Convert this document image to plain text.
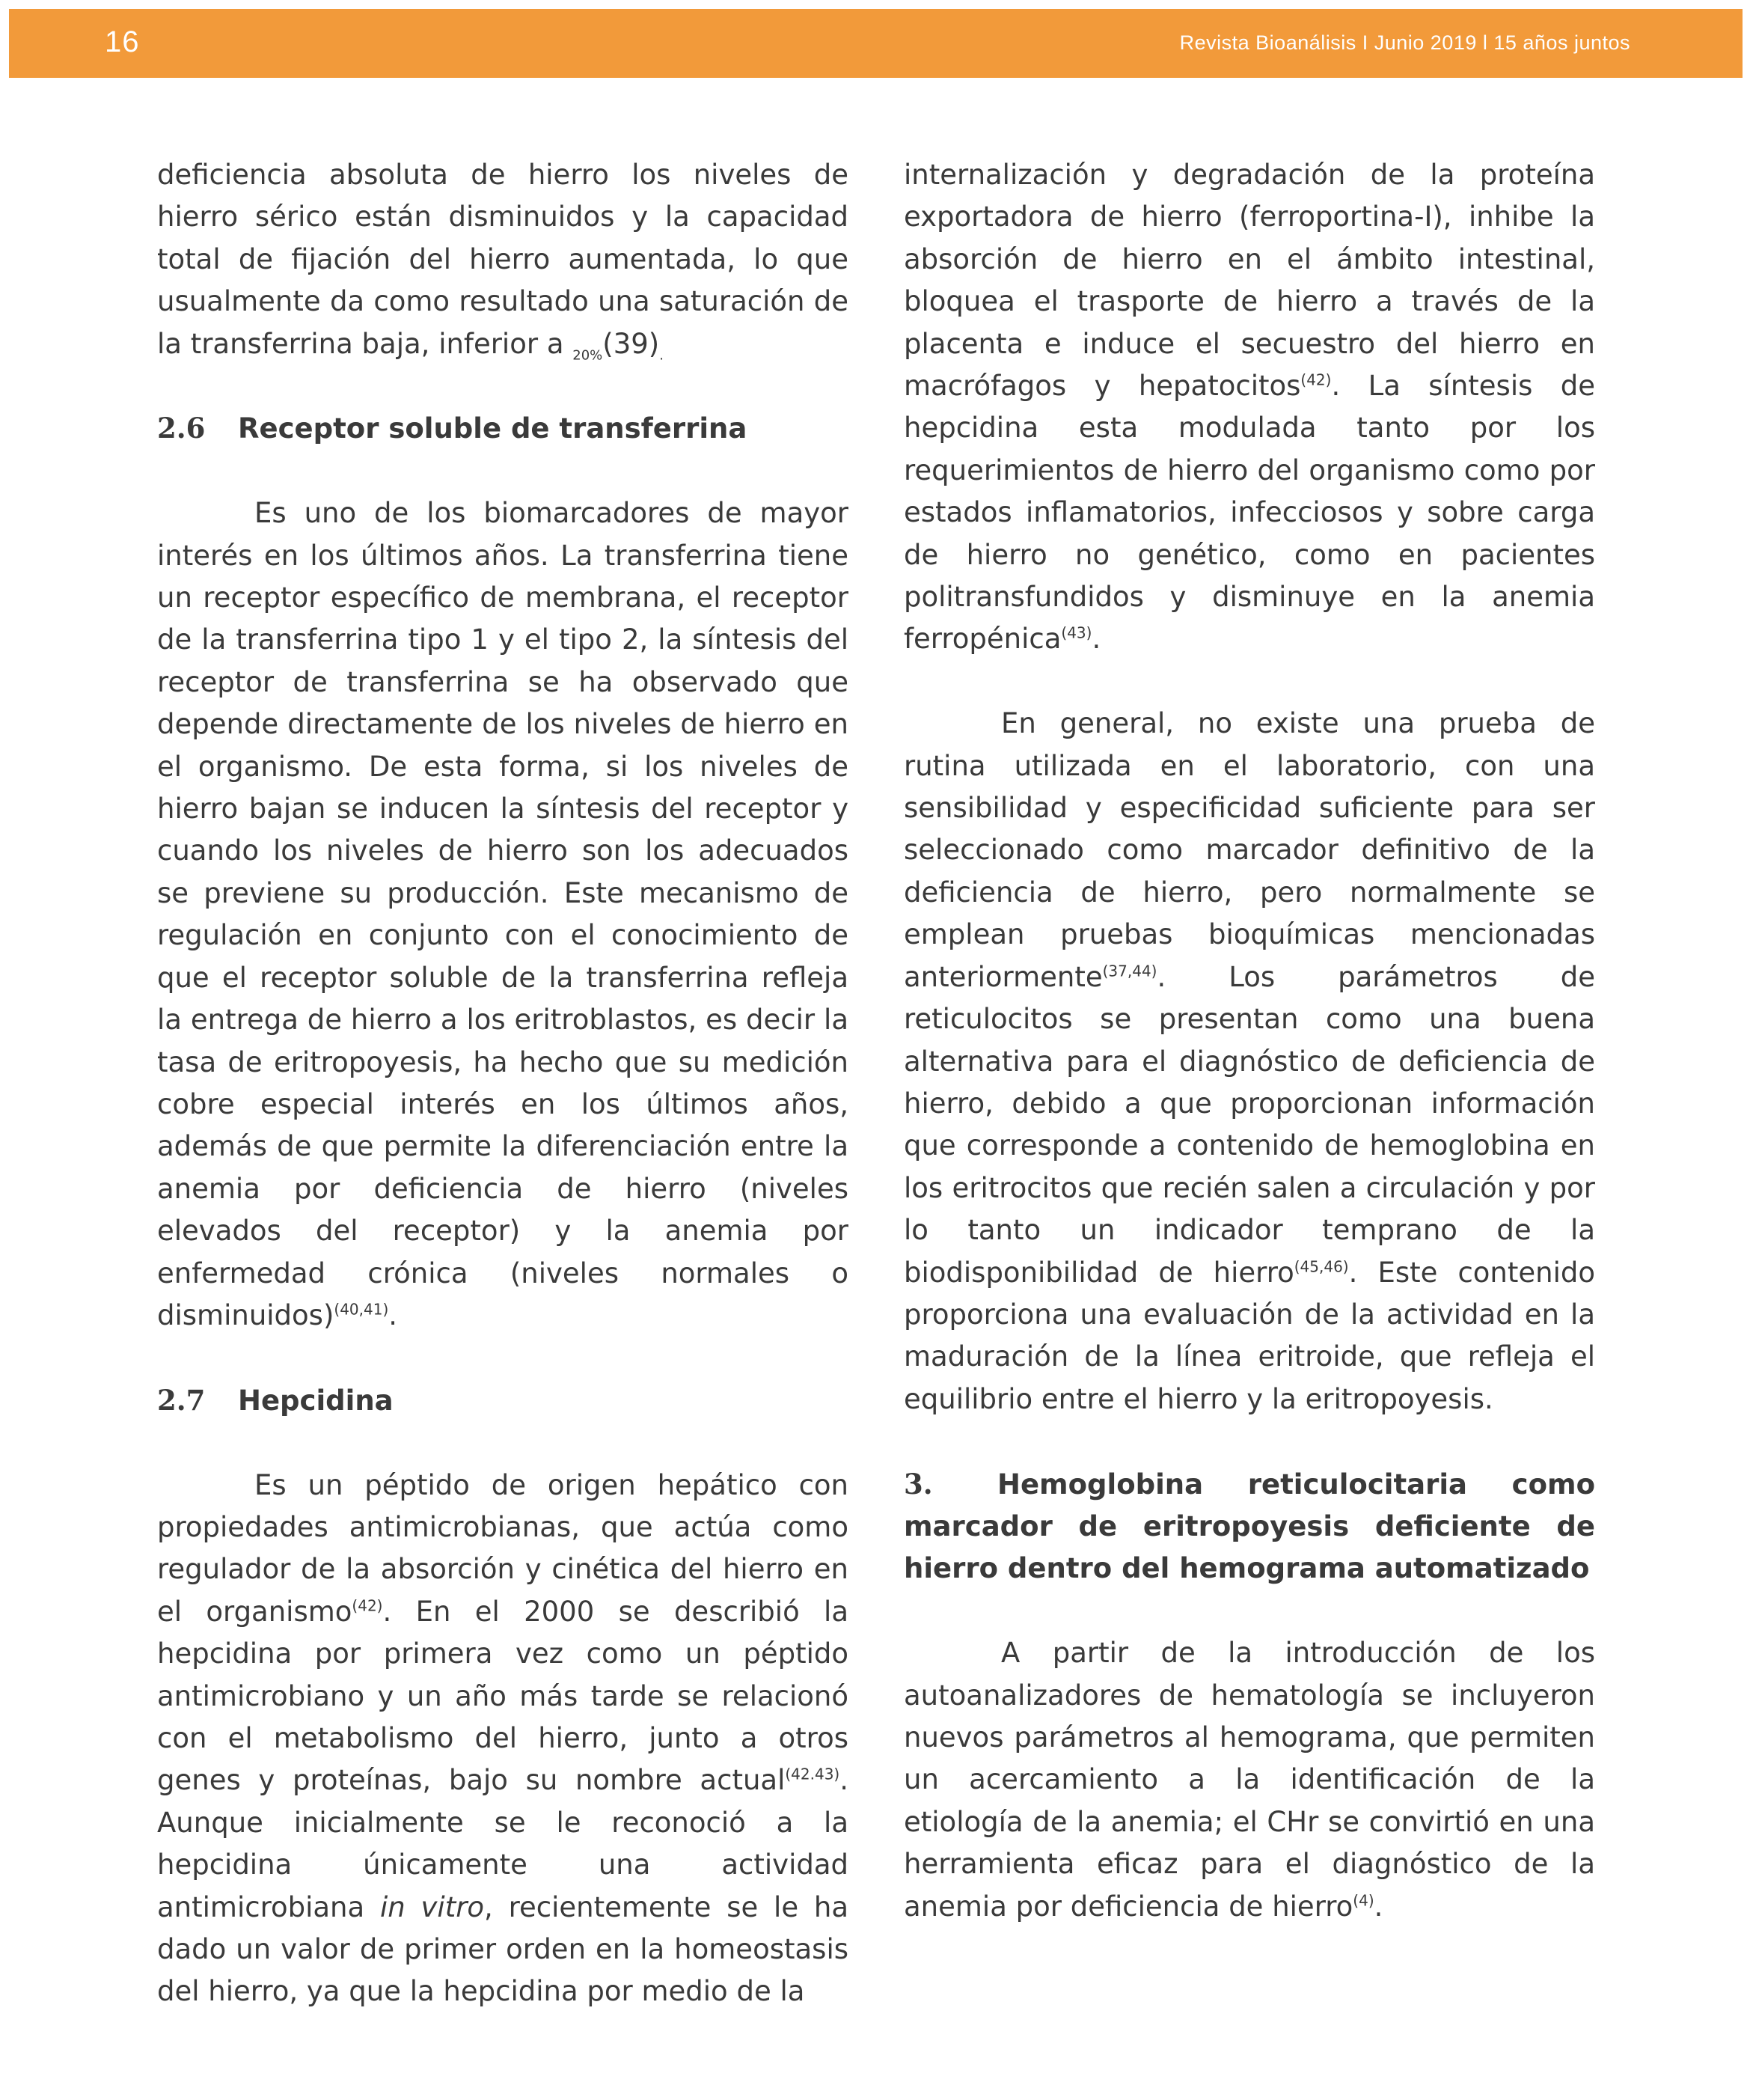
16	Revista Bioanálisis I Junio 2019 l 15 años juntos

deficiencia absoluta de hierro los niveles de hierro sérico están disminuidos y la capacidad total de fijación del hierro aumentada, lo que usualmente da como resultado una saturación de la transferrina baja, inferior a $_{20\%}(39)_.$

2.6 Receptor soluble de transferrina

Es uno de los biomarcadores de mayor interés en los últimos años. La transferrina tiene un receptor específico de membrana, el receptor de la transferrina tipo 1 y el tipo 2, la síntesis del receptor de transferrina se ha observado que depende directamente de los niveles de hierro en el organismo. De esta forma, si los niveles de hierro bajan se inducen la síntesis del receptor y cuando los niveles de hierro son los adecuados se previene su producción. Este mecanismo de regulación en conjunto con el conocimiento de que el receptor soluble de la transferrina refleja la entrega de hierro a los eritroblastos, es decir la tasa de eritropoyesis, ha hecho que su medición cobre especial interés en los últimos años, además de que permite la diferenciación entre la anemia por deficiencia de hierro (niveles elevados del receptor) y la anemia por enfermedad crónica (niveles normales o disminuidos)$^{(40,41)}$.

2.7 Hepcidina

Es un péptido de origen hepático con propiedades antimicrobianas, que actúa como regulador de la absorción y cinética del hierro en el organismo$^{(42)}$. En el 2000 se describió la hepcidina por primera vez como un péptido antimicrobiano y un año más tarde se relacionó con el metabolismo del hierro, junto a otros genes y proteínas, bajo su nombre actual$^{(42.43)}$. Aunque inicialmente se le reconoció a la hepcidina únicamente una actividad antimicrobiana in vitro, recientemente se le ha dado un valor de primer orden en la homeostasis del hierro, ya que la hepcidina por medio de la

internalización y degradación de la proteína exportadora de hierro (ferroportina-I), inhibe la absorción de hierro en el ámbito intestinal, bloquea el trasporte de hierro a través de la placenta e induce el secuestro del hierro en macrófagos y hepatocitos$^{(42)}$. La síntesis de hepcidina esta modulada tanto por los requerimientos de hierro del organismo como por estados inflamatorios, infecciosos y sobre carga de hierro no genético, como en pacientes politransfundidos y disminuye en la anemia ferropénica$^{(43)}$.

En general, no existe una prueba de rutina utilizada en el laboratorio, con una sensibilidad y especificidad suficiente para ser seleccionado como marcador definitivo de la deficiencia de hierro, pero normalmente se emplean pruebas bioquímicas mencionadas anteriormente$^{(37,44)}$. Los parámetros de reticulocitos se presentan como una buena alternativa para el diagnóstico de deficiencia de hierro, debido a que proporcionan información que corresponde a contenido de hemoglobina en los eritrocitos que recién salen a circulación y por lo tanto un indicador temprano de la biodisponibilidad de hierro$^{(45,46)}$. Este contenido proporciona una evaluación de la actividad en la maduración de la línea eritroide, que refleja el equilibrio entre el hierro y la eritropoyesis.

3. Hemoglobina reticulocitaria como marcador de eritropoyesis deficiente de hierro dentro del hemograma automatizado

A partir de la introducción de los autoanalizadores de hematología se incluyeron nuevos parámetros al hemograma, que permiten un acercamiento a la identificación de la etiología de la anemia; el CHr se convirtió en una herramienta eficaz para el diagnóstico de la anemia por deficiencia de hierro$^{(4)}$.
